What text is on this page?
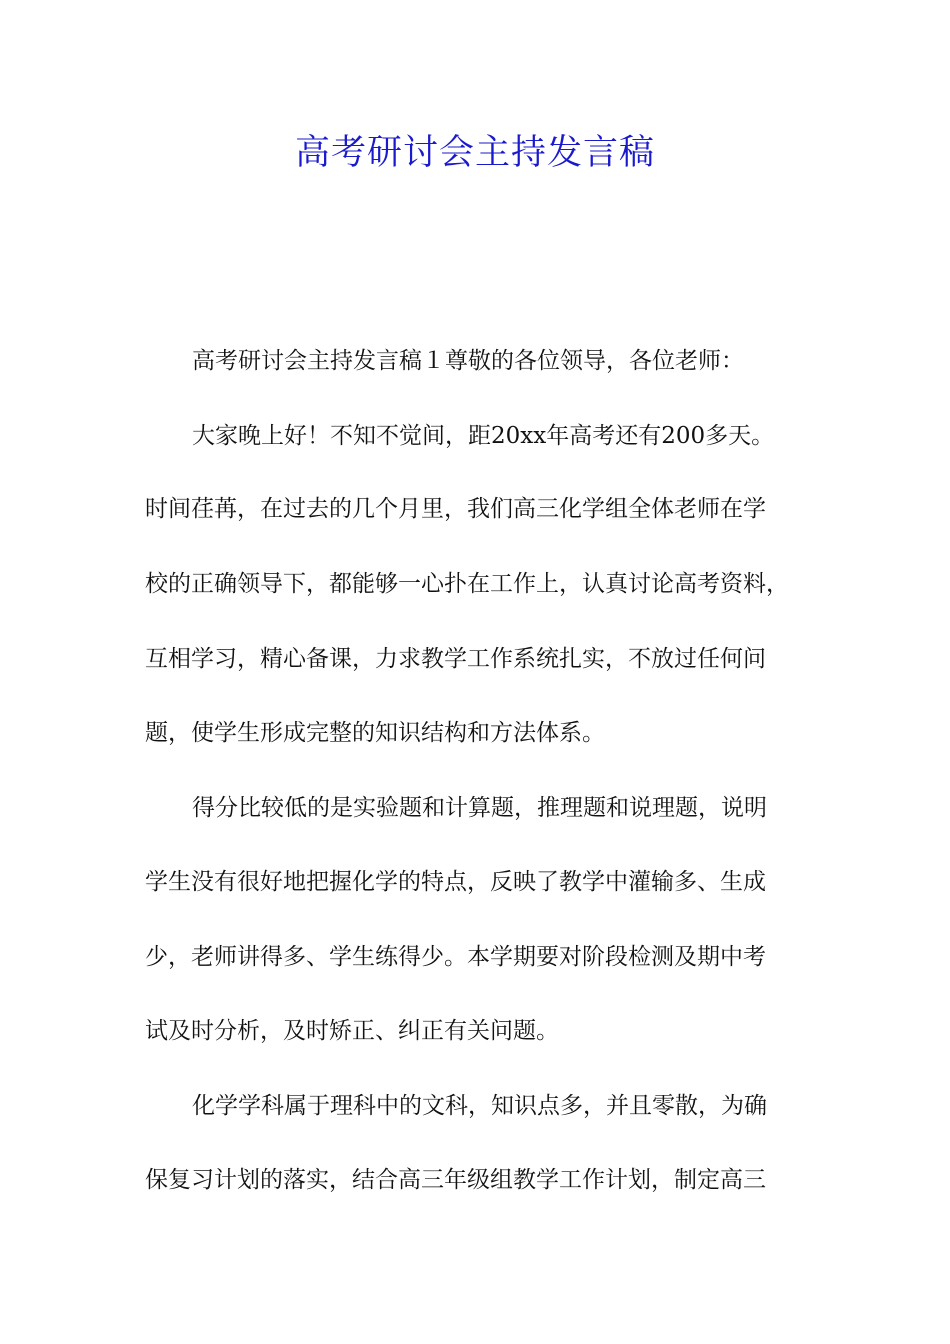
高考研讨会主持发言稿
高考研讨会主持发言稿１尊敬的各位领导，各位老师：
大家晚上好！不知不觉间，距20xx年高考还有200多天。
时间荏苒，在过去的几个月里，我们高三化学组全体老师在学
校的正确领导下，都能够一心扑在工作上，认真讨论高考资料，
互相学习，精心备课，力求教学工作系统扎实，不放过任何问
题，使学生形成完整的知识结构和方法体系。
得分比较低的是实验题和计算题，推理题和说理题，说明
学生没有很好地把握化学的特点，反映了教学中灌输多、生成
少，老师讲得多、学生练得少。本学期要对阶段检测及期中考
试及时分析，及时矫正、纠正有关问题。
化学学科属于理科中的文科，知识点多，并且零散，为确
保复习计划的落实，结合高三年级组教学工作计划，制定高三
